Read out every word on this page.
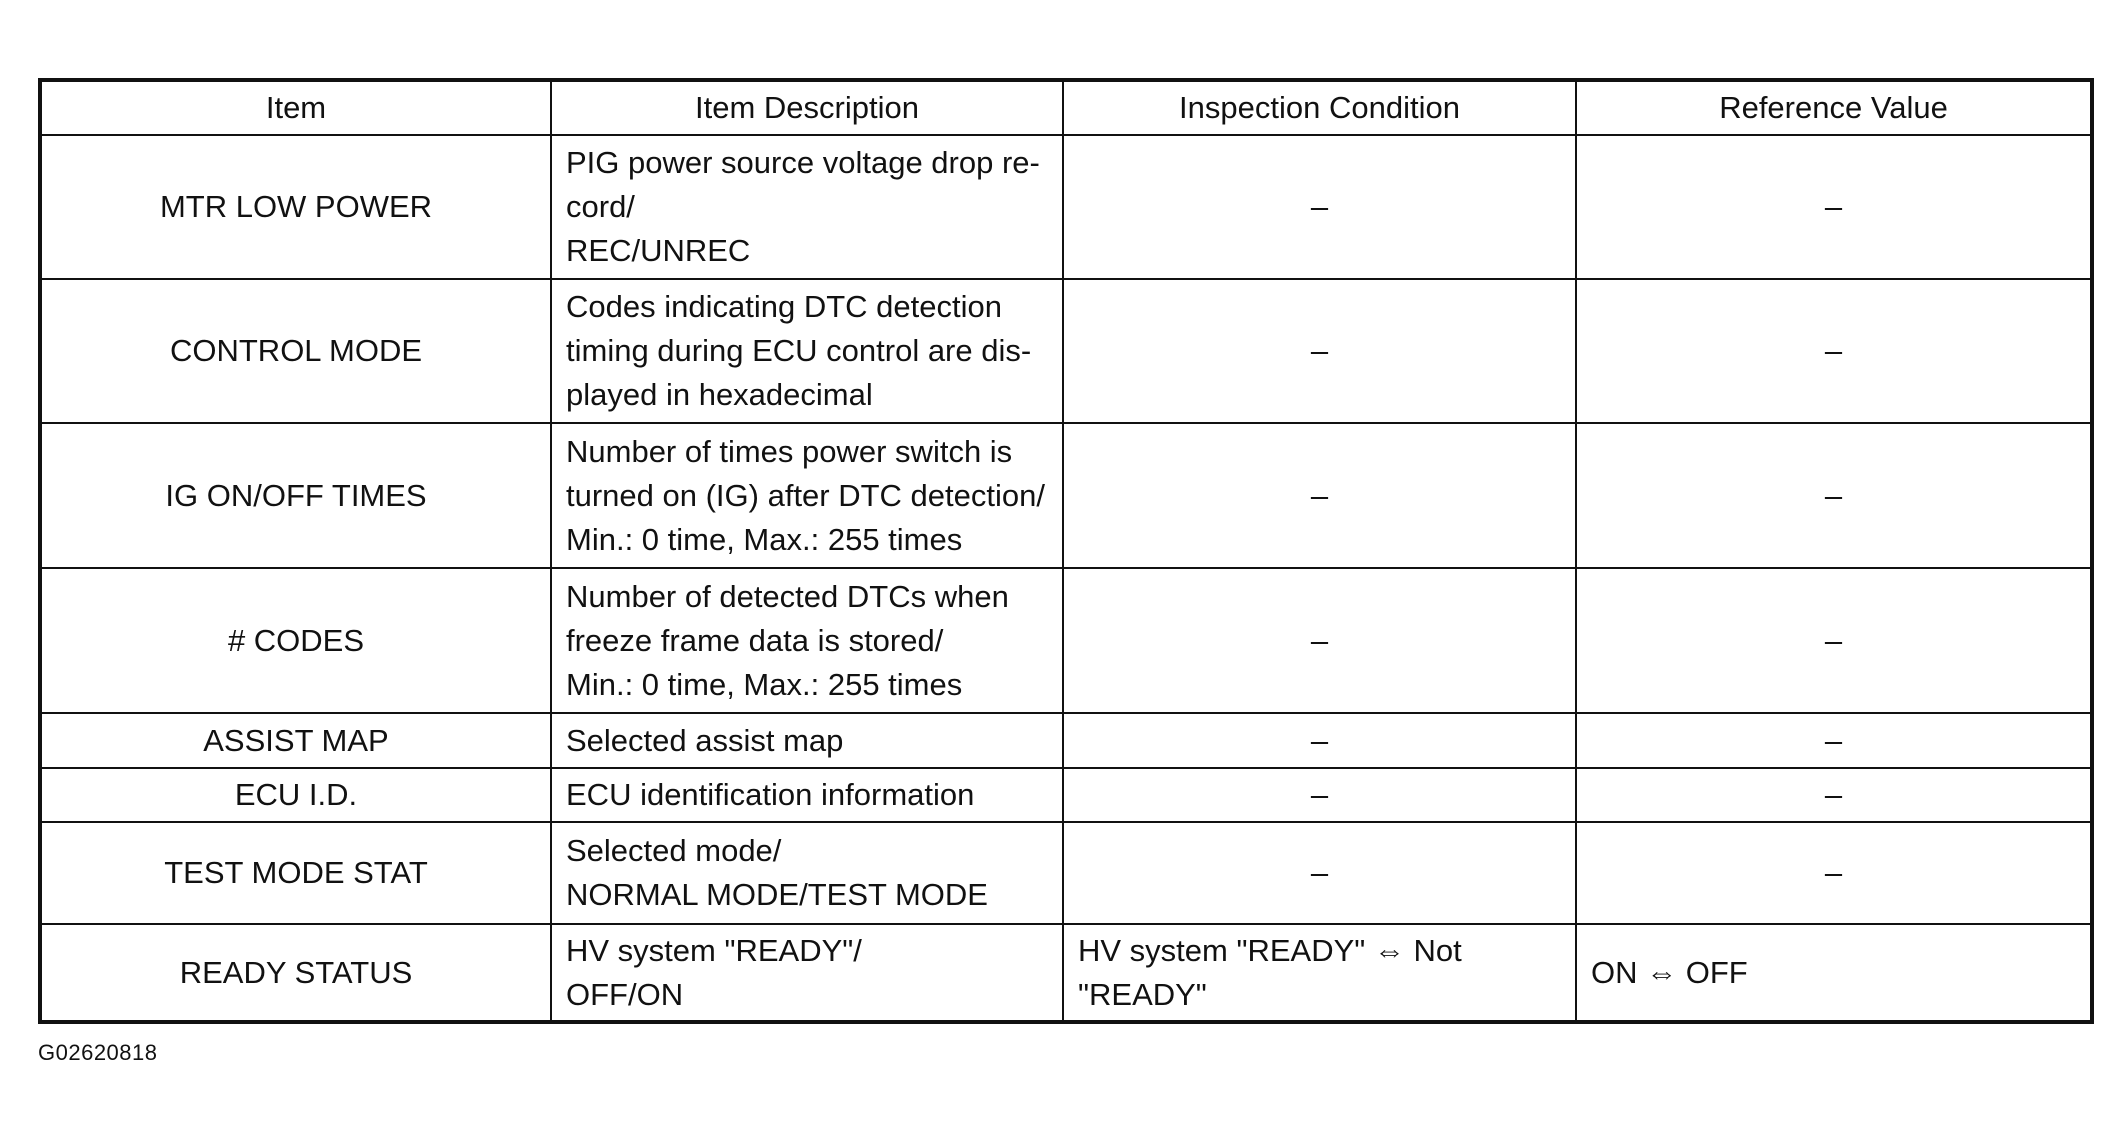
Item	Item Description	Inspection Condition	Reference Value
MTR LOW POWER	PIG power source voltage drop re-
cord/
REC/UNREC	–	–

CONTROL MODE	Codes indicating DTC detection
timing during ECU control are dis-
played in hexadecimal	–	–

IG ON/OFF TIMES	Number of times power switch is
turned on (IG) after DTC detection/
Min.: 0 time, Max.: 255 times	–	–

# CODES	Number of detected DTCs when
freeze frame data is stored/
Min.: 0 time, Max.: 255 times	–	–

ASSIST MAP	Selected assist map	–	–

ECU I.D.	ECU identification information	–	–

TEST MODE STAT	Selected mode/
NORMAL MODE/TEST MODE	–	–

READY STATUS	HV system "READY"/
OFF/ON	HV system "READY" ⇔ Not
"READY"	ON ⇔ OFF
G02620818
